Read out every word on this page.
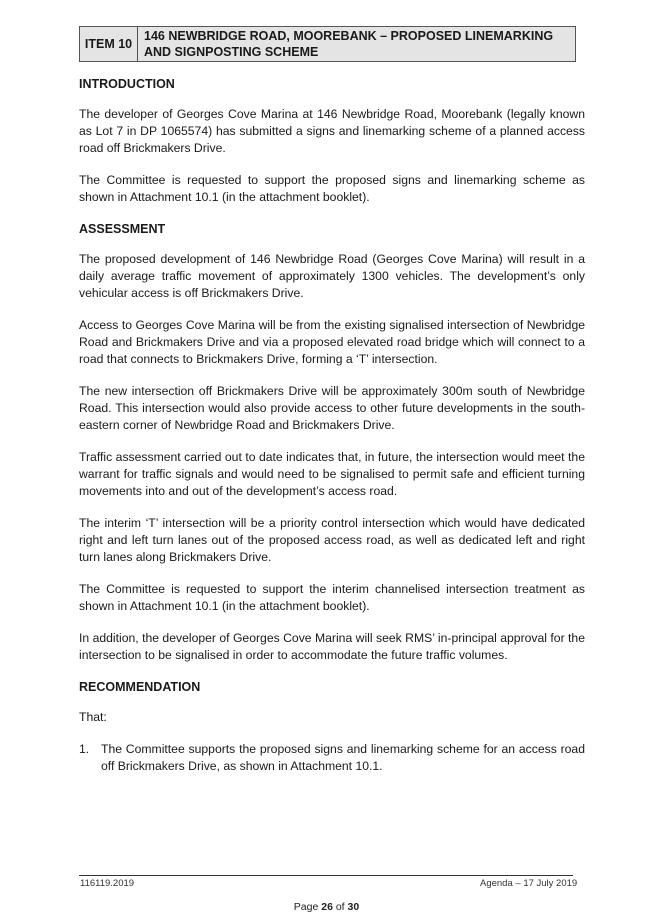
ITEM 10
146 NEWBRIDGE ROAD, MOOREBANK – PROPOSED LINEMARKING AND SIGNPOSTING SCHEME
INTRODUCTION

The developer of Georges Cove Marina at 146 Newbridge Road, Moorebank (legally known as Lot 7 in DP 1065574) has submitted a signs and linemarking scheme of a planned access road off Brickmakers Drive.

The Committee is requested to support the proposed signs and linemarking scheme as shown in Attachment 10.1 (in the attachment booklet).

ASSESSMENT

The proposed development of 146 Newbridge Road (Georges Cove Marina) will result in a daily average traffic movement of approximately 1300 vehicles. The development’s only vehicular access is off Brickmakers Drive.

Access to Georges Cove Marina will be from the existing signalised intersection of Newbridge Road and Brickmakers Drive and via a proposed elevated road bridge which will connect to a road that connects to Brickmakers Drive, forming a ‘T’ intersection.

The new intersection off Brickmakers Drive will be approximately 300m south of Newbridge Road. This intersection would also provide access to other future developments in the south-eastern corner of Newbridge Road and Brickmakers Drive.

Traffic assessment carried out to date indicates that, in future, the intersection would meet the warrant for traffic signals and would need to be signalised to permit safe and efficient turning movements into and out of the development’s access road.

The interim ‘T’ intersection will be a priority control intersection which would have dedicated right and left turn lanes out of the proposed access road, as well as dedicated left and right turn lanes along Brickmakers Drive.

The Committee is requested to support the interim channelised intersection treatment as shown in Attachment 10.1 (in the attachment booklet).

In addition, the developer of Georges Cove Marina will seek RMS’ in-principal approval for the intersection to be signalised in order to accommodate the future traffic volumes.

RECOMMENDATION

That:

1. The Committee supports the proposed signs and linemarking scheme for an access road off Brickmakers Drive, as shown in Attachment 10.1.
116119.2019	Agenda – 17 July 2019
Page 26 of 30
